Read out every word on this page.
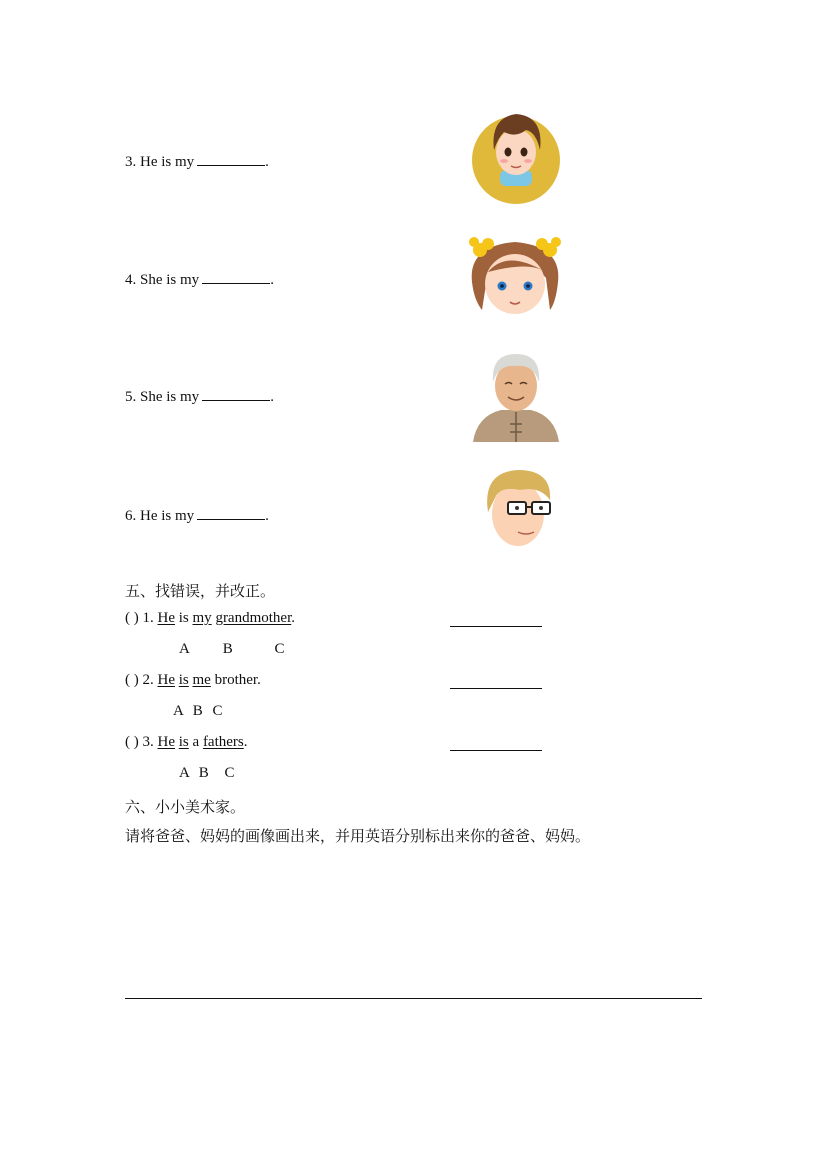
3. He is my	.
4. She is my	.
5. She is my	.
6. He is my	.
五、找错误，并改正。
( ) 1. He is my grandmother.
A B	C
( ) 2. He is me brother.
A B C
( ) 3. He is a fathers.
A B C
六、小小美术家。
请将爸爸、妈妈的画像画出来，并用英语分别标出来你的爸爸、妈妈。
